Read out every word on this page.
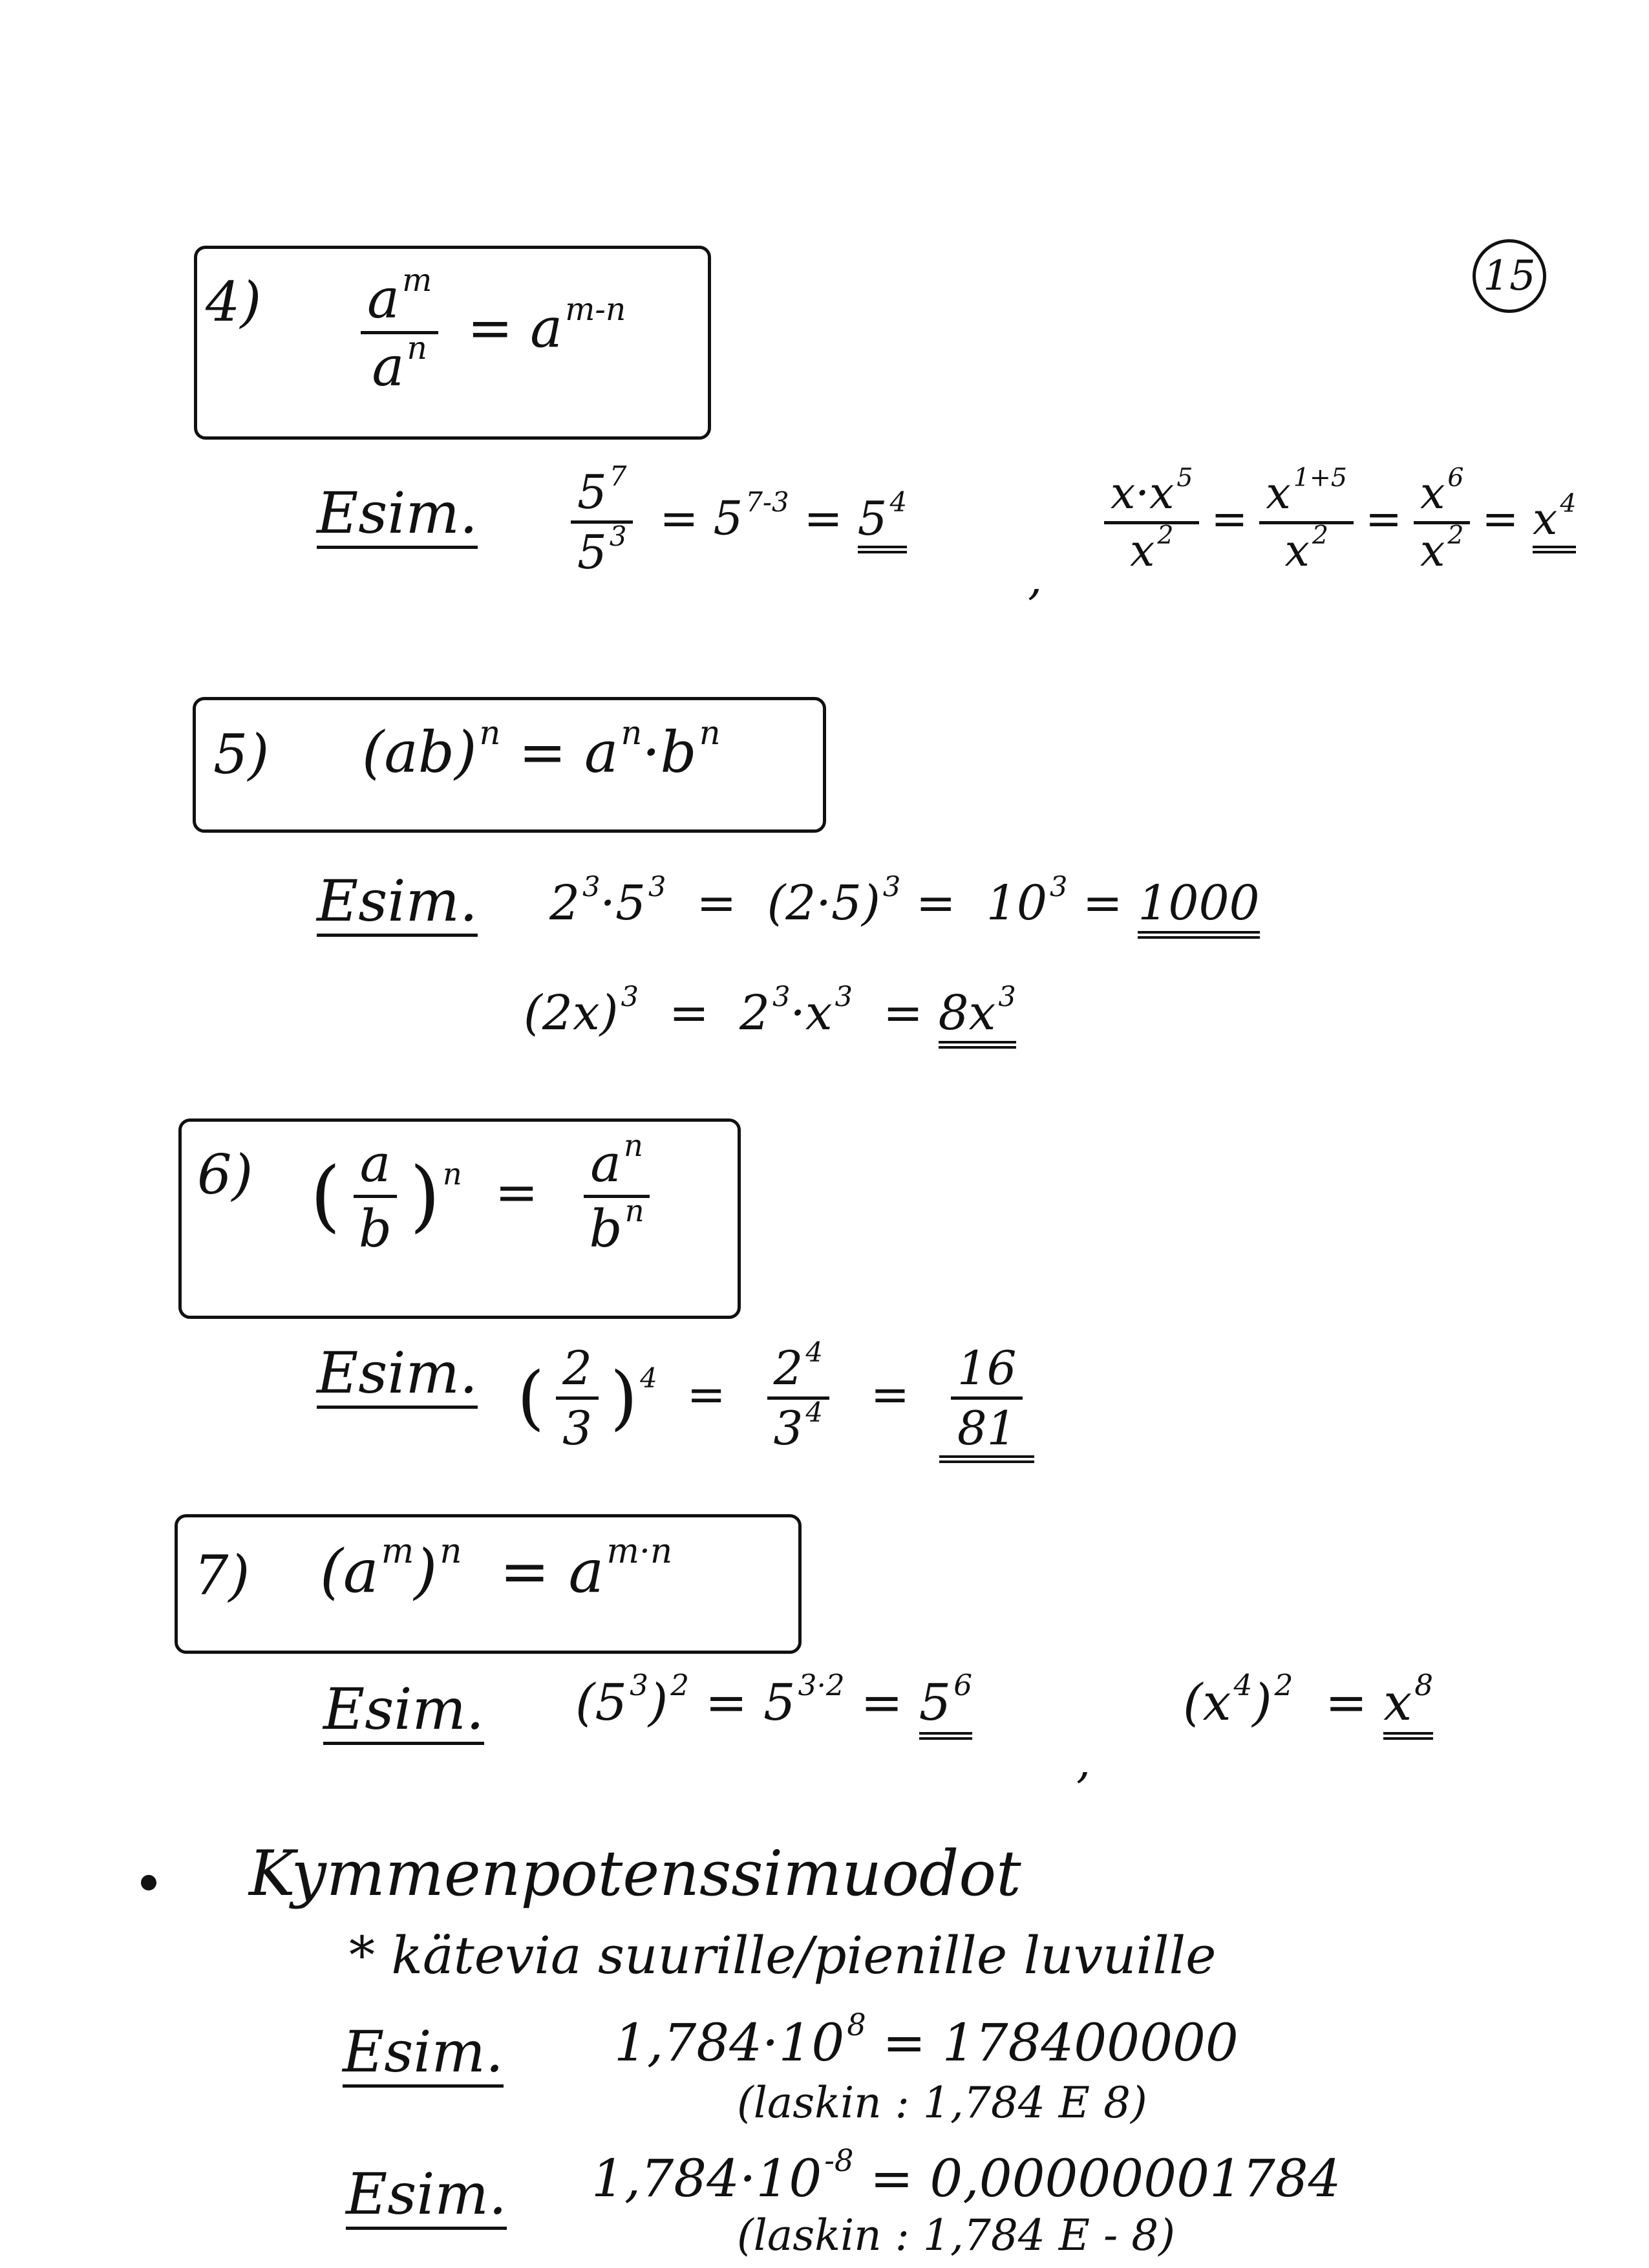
15
$4) \frac{a^m}{a^n} = a^{m-n}$
Esim. $\frac{5^7}{5^3} = 5^{7-3} = 5^4$
,
$\frac{x\cdot x ^5}{x ^2} = \frac{x ^{1+5}}{x ^2} = \frac{x ^6}{x ^2} = x$ $^4$
5) $(ab)^n = a^n\cdot b^n$
Esim. $2^3\cdot 5^3 = (2\cdot 5)^3 = 10^3 = 1000$
$(2x)^3 = 2^3\cdot x^3 = 8x^3$
6) ( $\frac{a}{b} )^n = \frac{a^n}{b^n}$
Esim. ( $\frac{2}{3} )^4 = \frac{2^4}{3^4} = \frac{16}{81}$
7) $(a^m)^n = a^{m\cdot n}$
Esim. $(5^3)^2 = 5^{3\cdot 2} = 5^6$
,
$(x^4)^2 = x^8$
Kymmenpotenssimuodot
* kätevia suurille/pienille luvuille
Esim. $1,784\cdot 10^8 = 178400000$
(laskin : 1,784 E 8)
Esim. $1,784\cdot 10^{-8} = 0,00000001784$
(laskin : 1,784 E - 8)
